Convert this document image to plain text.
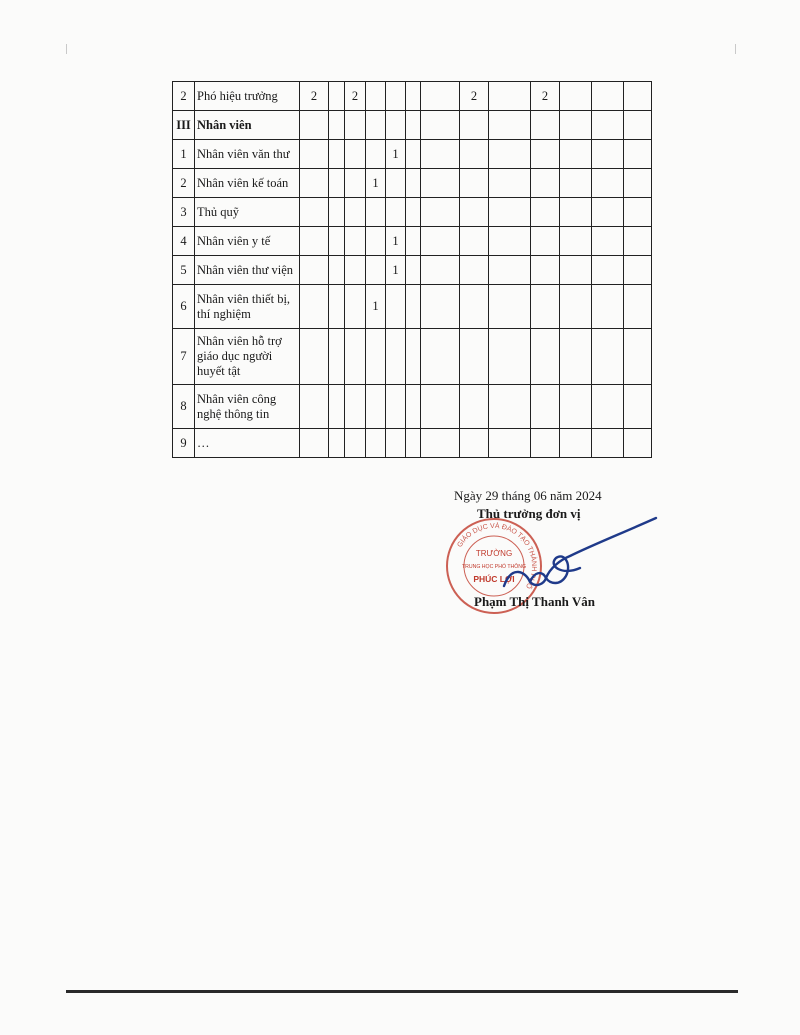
2	Phó hiệu trưởng	2		2					2		2			
III	Nhân viên													
1	Nhân viên văn thư					1								
2	Nhân viên kế toán				1									
3	Thủ quỹ													
4	Nhân viên y tế					1								
5	Nhân viên thư viện					1								
6	Nhân viên thiết bị, thí nghiệm				1									
7	Nhân viên hỗ trợ giáo dục người huyết tật													
8	Nhân viên công nghệ thông tin													
9	…													
Ngày 29 tháng 06 năm 2024
Thủ trưởng đơn vị
GIÁO DỤC VÀ ĐÀO TẠO THÀNH PHỐ
TRƯỜNG
TRUNG HỌC PHỔ THÔNG
PHÚC LỢI
Phạm Thị Thanh Vân
